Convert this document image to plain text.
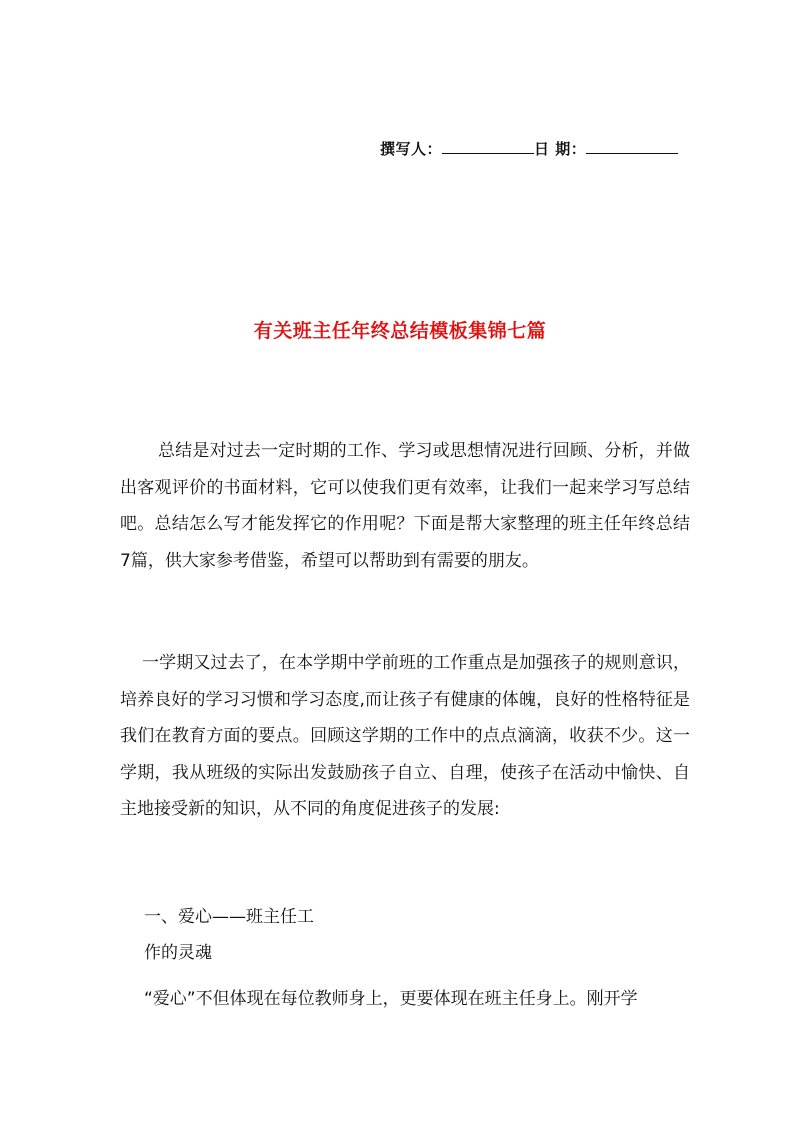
撰写人：	日 期：
有关班主任年终总结模板集锦七篇

总结是对过去一定时期的工作、学习或思想情况进行回顾、分析，并做出客观评价的书面材料，它可以使我们更有效率，让我们一起来学习写总结吧。总结怎么写才能发挥它的作用呢？下面是帮大家整理的班主任年终总结7篇，供大家参考借鉴，希望可以帮助到有需要的朋友。

一学期又过去了，在本学期中学前班的工作重点是加强孩子的规则意识，培养良好的学习习惯和学习态度,而让孩子有健康的体魄，良好的性格特征是我们在教育方面的要点。回顾这学期的工作中的点点滴滴，收获不少。这一学期，我从班级的实际出发鼓励孩子自立、自理，使孩子在活动中愉快、自主地接受新的知识，从不同的角度促进孩子的发展:

一、爱心——班主任工
作的灵魂
“爱心”不但体现在每位教师身上，更要体现在班主任身上。刚开学
